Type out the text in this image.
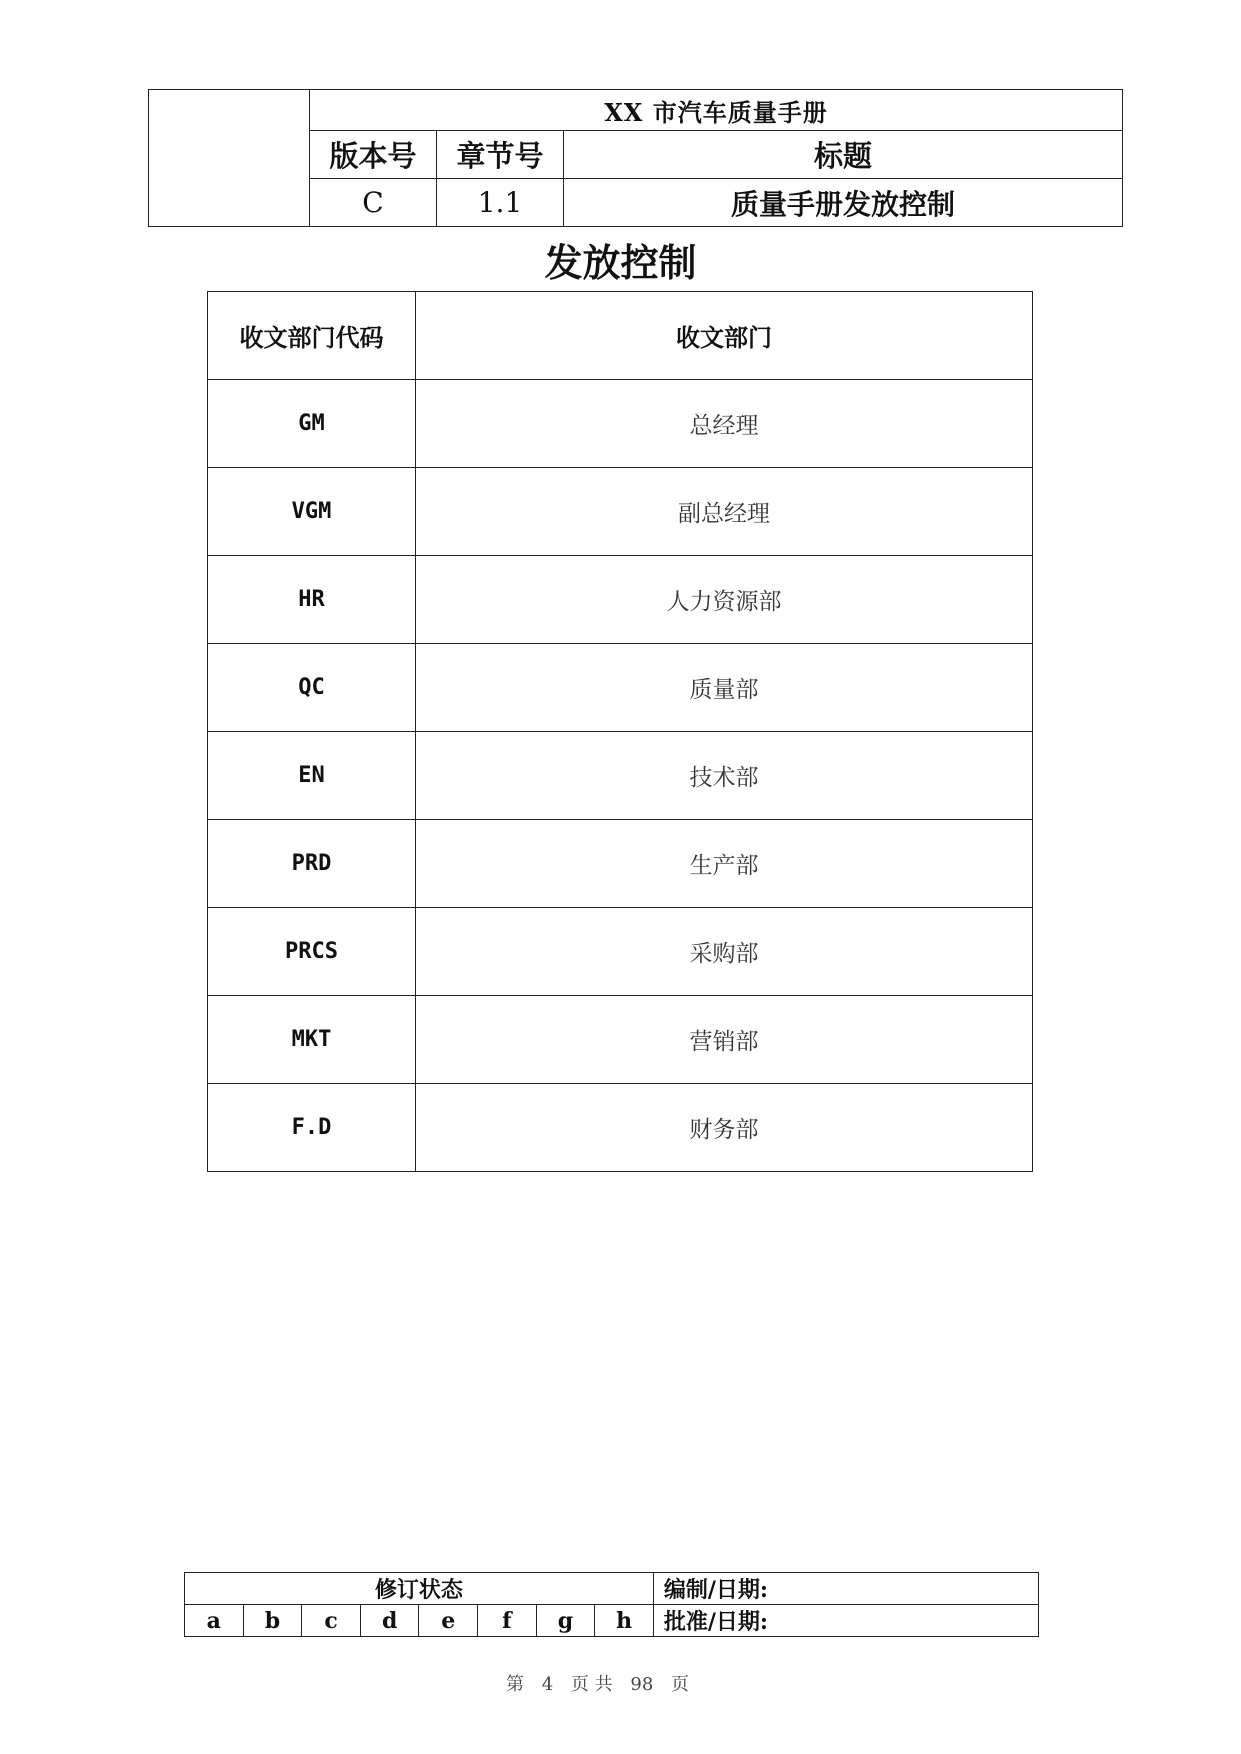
	XX 市汽车质量手册		
	版本号	章节号	标题
	C	1.1	质量手册发放控制
发放控制
收文部门代码	收文部门
GM	总经理
VGM	副总经理
HR	人力资源部
QC	质量部
EN	技术部
PRD	生产部
PRCS	采购部
MKT	营销部
F.D	财务部
修订状态								编制/日期:
a	b	c	d	e	f	g	h	批准/日期:
第 4 页 共 98 页
